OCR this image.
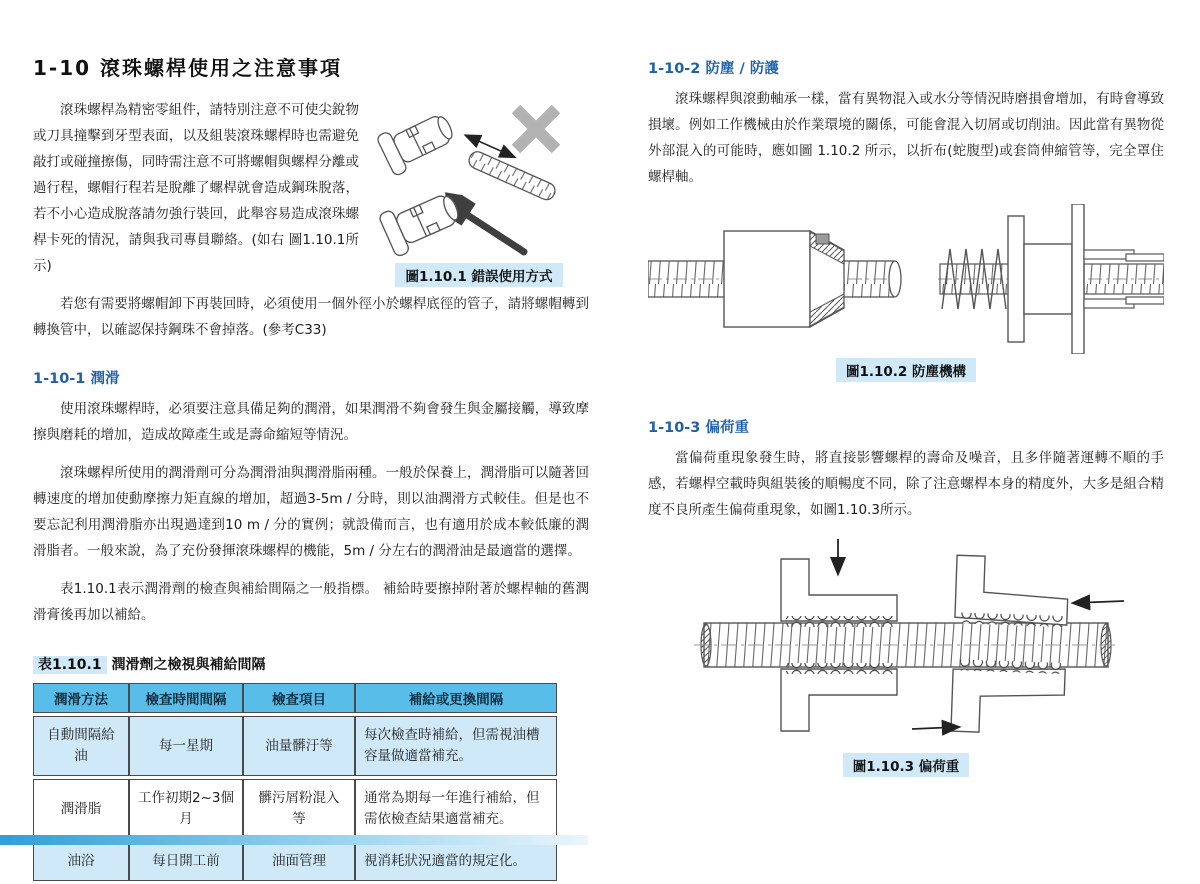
1-10 滾珠螺桿使用之注意事項
圖1.10.1 錯誤使用方式

滾珠螺桿為精密零組件，請特別注意不可使尖銳物或刀具撞擊到牙型表面，以及組裝滾珠螺桿時也需避免敲打或碰撞擦傷，同時需注意不可將螺帽與螺桿分離或過行程，螺帽行程若是脫離了螺桿就會造成鋼珠脫落，若不小心造成脫落請勿強行裝回，此舉容易造成滾珠螺桿卡死的情況，請與我司專員聯絡。(如右 圖1.10.1所示)

若您有需要將螺帽卸下再裝回時，必須使用一個外徑小於螺桿底徑的管子，請將螺帽轉到轉換管中，以確認保持鋼珠不會掉落。(參考C33)

1-10-1 潤滑

使用滾珠螺桿時，必須要注意具備足夠的潤滑，如果潤滑不夠會發生與金屬接觸，導致摩擦與磨耗的增加，造成故障產生或是壽命縮短等情況。

滾珠螺桿所使用的潤滑劑可分為潤滑油與潤滑脂兩種。一般於保養上，潤滑脂可以隨著回轉速度的增加使動摩擦力矩直線的增加，超過3-5m / 分時，則以油潤滑方式較佳。但是也不要忘記利用潤滑脂亦出現過達到10 m / 分的實例；就設備而言，也有適用於成本較低廉的潤滑脂者。一般來說，為了充份發揮滾珠螺桿的機能，5m / 分左右的潤滑油是最適當的選擇。

表1.10.1表示潤滑劑的檢查與補給間隔之一般指標。 補給時要擦掉附著於螺桿軸的舊潤滑膏後再加以補給。

表1.10.1 潤滑劑之檢視與補給間隔
潤滑方法	檢查時間間隔	檢查項目	補給或更換間隔
自動間隔給油	每一星期	油量髒汙等	每次檢查時補給，但需視油槽容量做適當補充。
潤滑脂	工作初期2~3個月	髒污屑粉混入等	通常為期每一年進行補給，但需依檢查結果適當補充。
油浴	每日開工前	油面管理	視消耗狀況適當的規定化。
1-10-2 防塵 / 防護

滾珠螺桿與滾動軸承一樣，當有異物混入或水分等情況時磨損會增加，有時會導致損壞。例如工作機械由於作業環境的關係，可能會混入切屑或切削油。因此當有異物從外部混入的可能時，應如圖 1.10.2 所示，以折布(蛇腹型)或套筒伸縮管等，完全罩住螺桿軸。

圖1.10.2 防塵機構
1-10-3 偏荷重

當偏荷重現象發生時，將直接影響螺桿的壽命及噪音，且多伴隨著運轉不順的手感，若螺桿空載時與組裝後的順暢度不同，除了注意螺桿本身的精度外，大多是組合精度不良所產生偏荷重現象，如圖1.10.3所示。

圖1.10.3 偏荷重
